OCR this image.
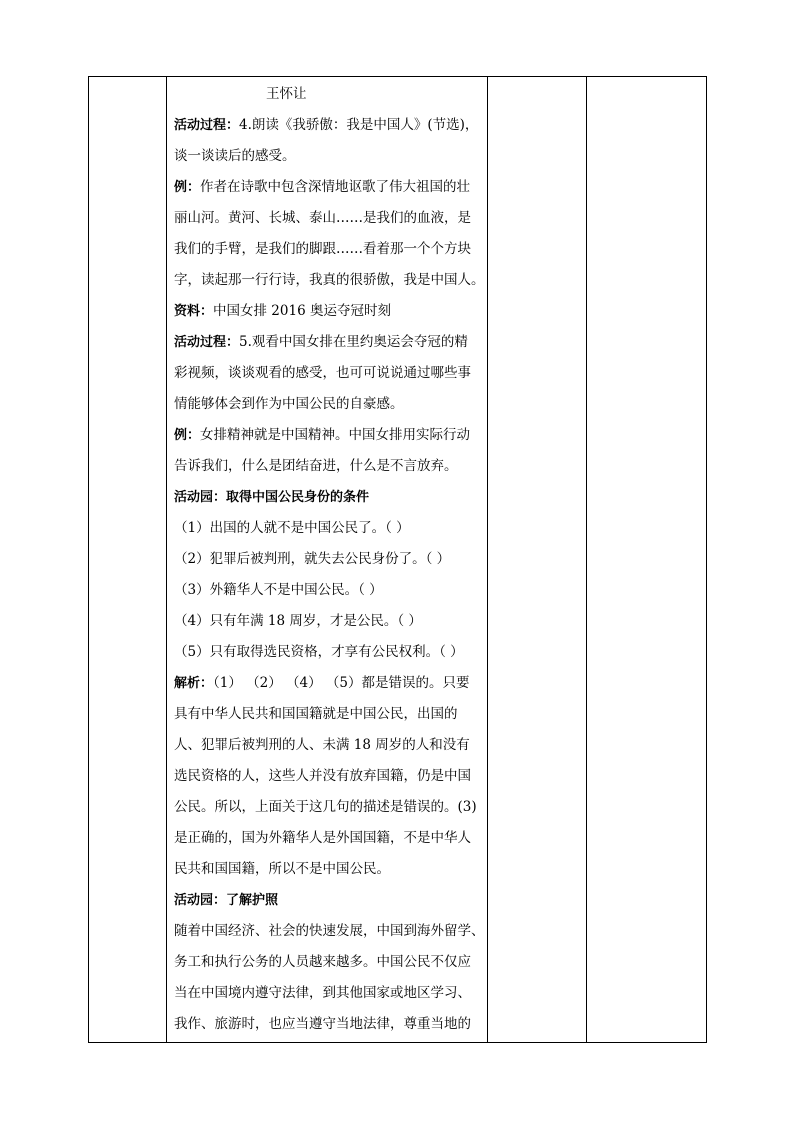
王怀让

活动过程：4.朗读《我骄傲：我是中国人》(节选)，

谈一谈读后的感受。

例：作者在诗歌中包含深情地讴歌了伟大祖国的壮

丽山河。黄河、长城、泰山……是我们的血液，是

我们的手臂，是我们的脚跟……看着那一个个方块

字，读起那一行行诗，我真的很骄傲，我是中国人。

资料：中国女排 2016 奥运夺冠时刻

活动过程：5.观看中国女排在里约奥运会夺冠的精

彩视频，谈谈观看的感受，也可可说说通过哪些事

情能够体会到作为中国公民的自豪感。

例：女排精神就是中国精神。中国女排用实际行动

告诉我们，什么是团结奋进，什么是不言放弃。

活动园：取得中国公民身份的条件

（1）出国的人就不是中国公民了。（ ）

（2）犯罪后被判刑，就失去公民身份了。（ ）

（3）外籍华人不是中国公民。（ ）

（4）只有年满 18 周岁，才是公民。（ ）

（5）只有取得选民资格，才享有公民权利。（ ）

解析：（1） （2） （4） （5）都是错误的。只要

具有中华人民共和国国籍就是中国公民，出国的

人、犯罪后被判刑的人、未满 18 周岁的人和没有

选民资格的人，这些人并没有放弃国籍，仍是中国

公民。所以，上面关于这几句的描述是错误的。(3)

是正确的，国为外籍华人是外国国籍，不是中华人

民共和国国籍，所以不是中国公民。

活动园：了解护照

随着中国经济、社会的快速发展，中国到海外留学、

务工和执行公务的人员越来越多。中国公民不仅应

当在中国境内遵守法律，到其他国家或地区学习、

我作、旅游时，也应当遵守当地法律，尊重当地的
